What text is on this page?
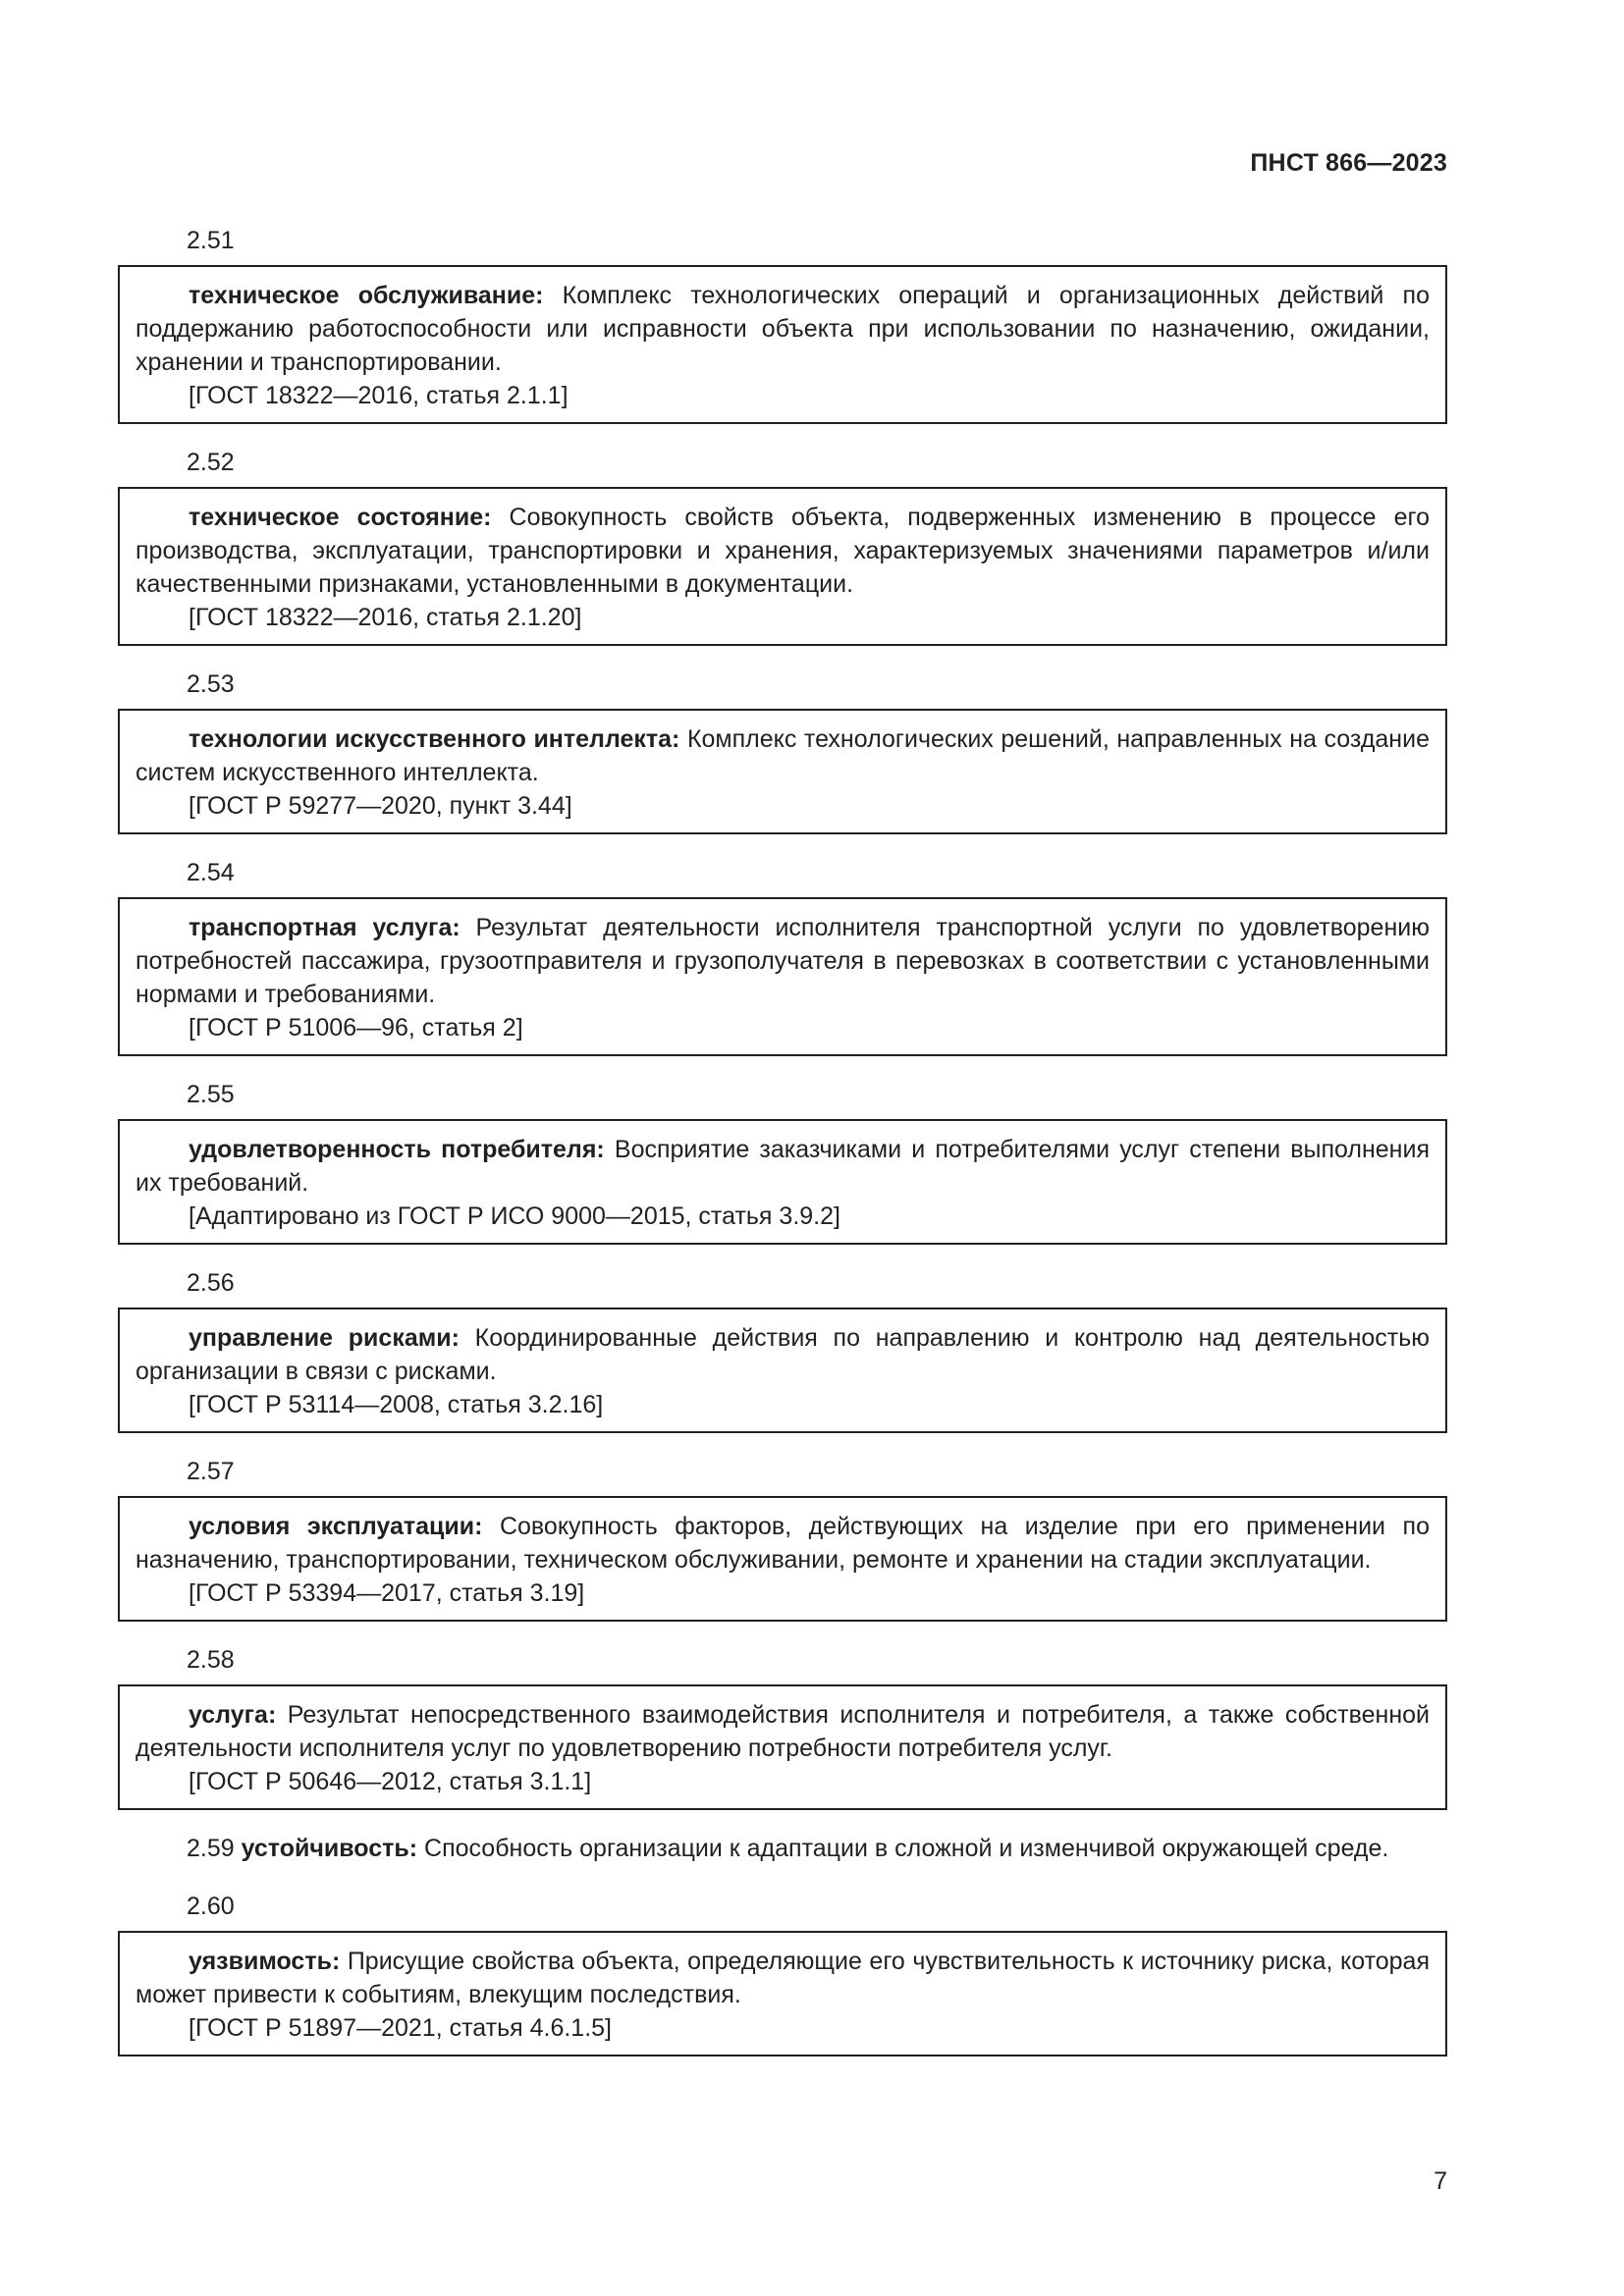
ПНСТ 866—2023
2.51

техническое обслуживание: Комплекс технологических операций и организационных действий по поддержанию работоспособности или исправности объекта при использовании по назначению, ожидании, хранении и транспортировании.

[ГОСТ 18322—2016, статья 2.1.1]

2.52

техническое состояние: Совокупность свойств объекта, подверженных изменению в процессе его производства, эксплуатации, транспортировки и хранения, характеризуемых значениями параметров и/или качественными признаками, установленными в документации.

[ГОСТ 18322—2016, статья 2.1.20]

2.53

технологии искусственного интеллекта: Комплекс технологических решений, направленных на создание систем искусственного интеллекта.

[ГОСТ Р 59277—2020, пункт 3.44]

2.54

транспортная услуга: Результат деятельности исполнителя транспортной услуги по удовлетворению потребностей пассажира, грузоотправителя и грузополучателя в перевозках в соответствии с установленными нормами и требованиями.

[ГОСТ Р 51006—96, статья 2]

2.55

удовлетворенность потребителя: Восприятие заказчиками и потребителями услуг степени выполнения их требований.

[Адаптировано из ГОСТ Р ИСО 9000—2015, статья 3.9.2]

2.56

управление рисками: Координированные действия по направлению и контролю над деятельностью организации в связи с рисками.

[ГОСТ Р 53114—2008, статья 3.2.16]

2.57

условия эксплуатации: Совокупность факторов, действующих на изделие при его применении по назначению, транспортировании, техническом обслуживании, ремонте и хранении на стадии эксплуатации.

[ГОСТ Р 53394—2017, статья 3.19]

2.58

услуга: Результат непосредственного взаимодействия исполнителя и потребителя, а также собственной деятельности исполнителя услуг по удовлетворению потребности потребителя услуг.

[ГОСТ Р 50646—2012, статья 3.1.1]

2.59 устойчивость: Способность организации к адаптации в сложной и изменчивой окружающей среде.

2.60

уязвимость: Присущие свойства объекта, определяющие его чувствительность к источнику риска, которая может привести к событиям, влекущим последствия.

[ГОСТ Р 51897—2021, статья 4.6.1.5]

7
